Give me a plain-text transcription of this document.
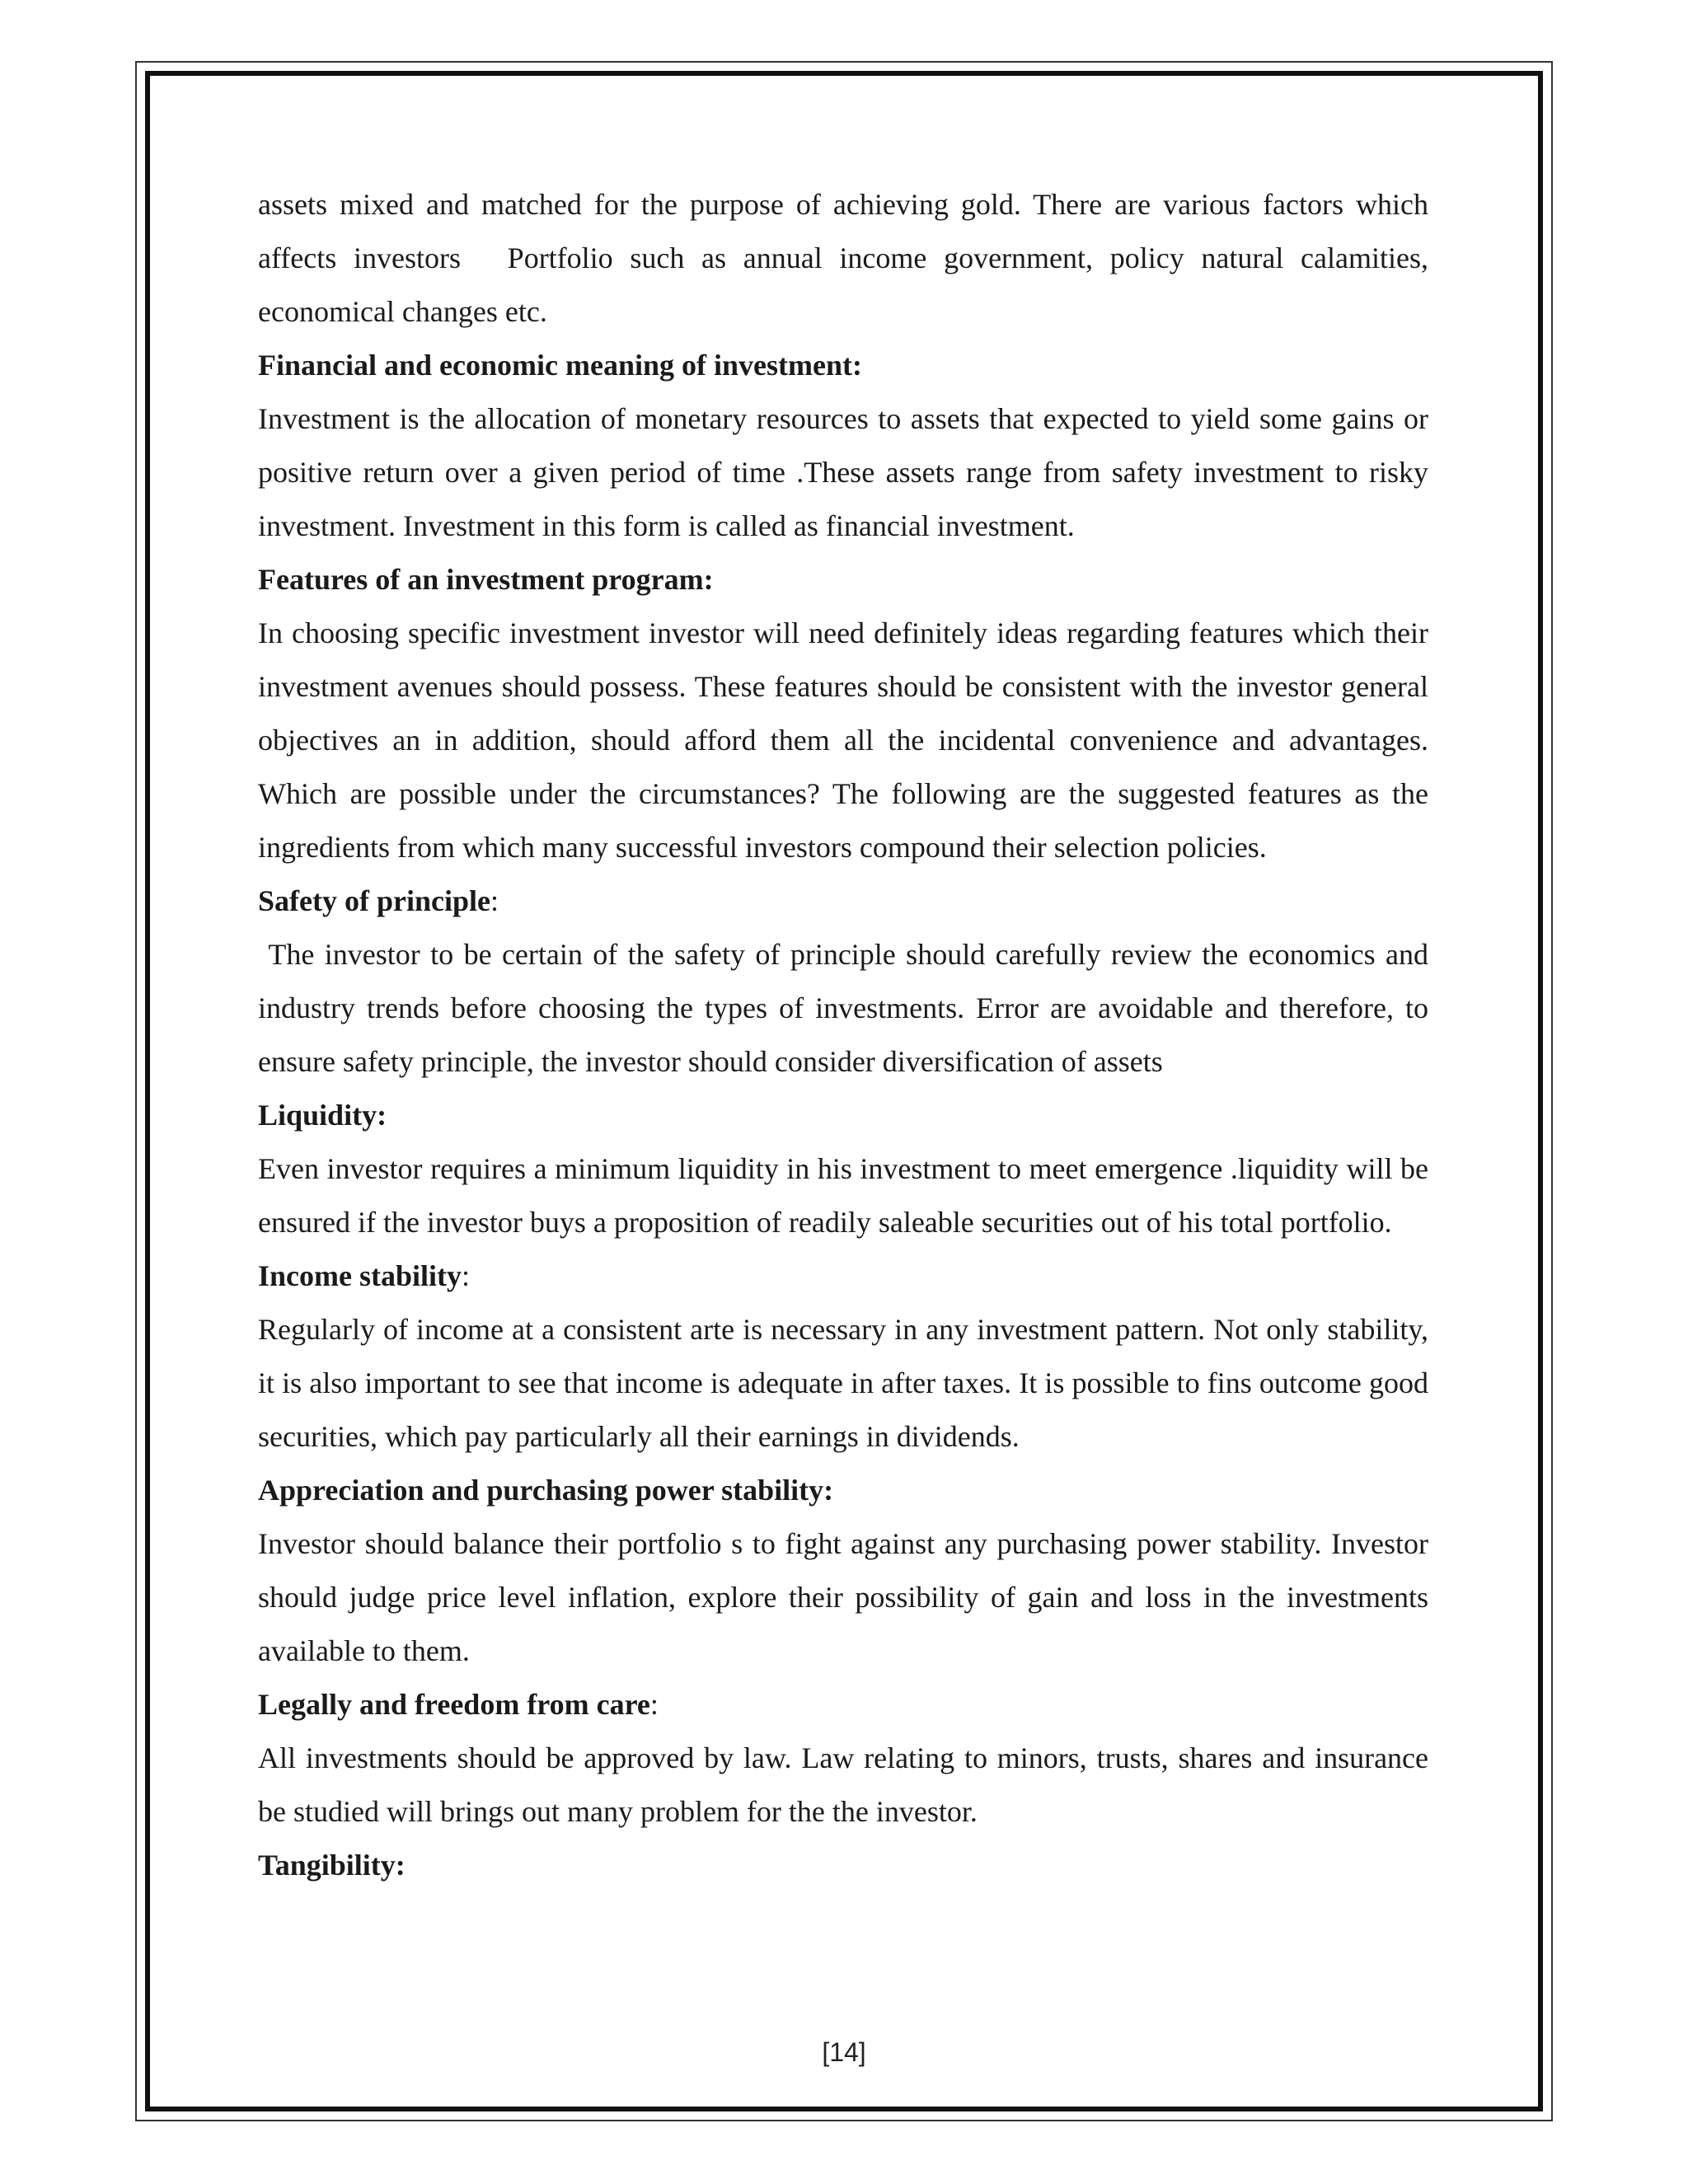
assets mixed and matched for the purpose of achieving gold. There are various factors which affects investors   Portfolio such as annual income government, policy natural calamities, economical changes etc.

Financial and economic meaning of investment:

Investment is the allocation of monetary resources to assets that expected to yield some gains or positive return over a given period of time .These assets range from safety investment to risky investment. Investment in this form is called as financial investment.

Features of an investment program:

In choosing specific investment investor will need definitely ideas regarding features which their investment avenues should possess. These features should be consistent with the investor general objectives an in addition, should afford them all the incidental convenience and advantages. Which are possible under the circumstances? The following are the suggested features as the ingredients from which many successful investors compound their selection policies.

Safety of principle:

The investor to be certain of the safety of principle should carefully review the economics and industry trends before choosing the types of investments. Error are avoidable and therefore, to ensure safety principle, the investor should consider diversification of assets

Liquidity:

Even investor requires a minimum liquidity in his investment to meet emergence .liquidity will be ensured if the investor buys a proposition of readily saleable securities out of his total portfolio.

Income stability:

Regularly of income at a consistent arte is necessary in any investment pattern. Not only stability, it is also important to see that income is adequate in after taxes. It is possible to fins outcome good securities, which pay particularly all their earnings in dividends.

Appreciation and purchasing power stability:

Investor should balance their portfolio s to fight against any purchasing power stability. Investor should judge price level inflation, explore their possibility of gain and loss in the investments available to them.

Legally and freedom from care:

All investments should be approved by law. Law relating to minors, trusts, shares and insurance be studied will brings out many problem for the the investor.

Tangibility:

[14]
